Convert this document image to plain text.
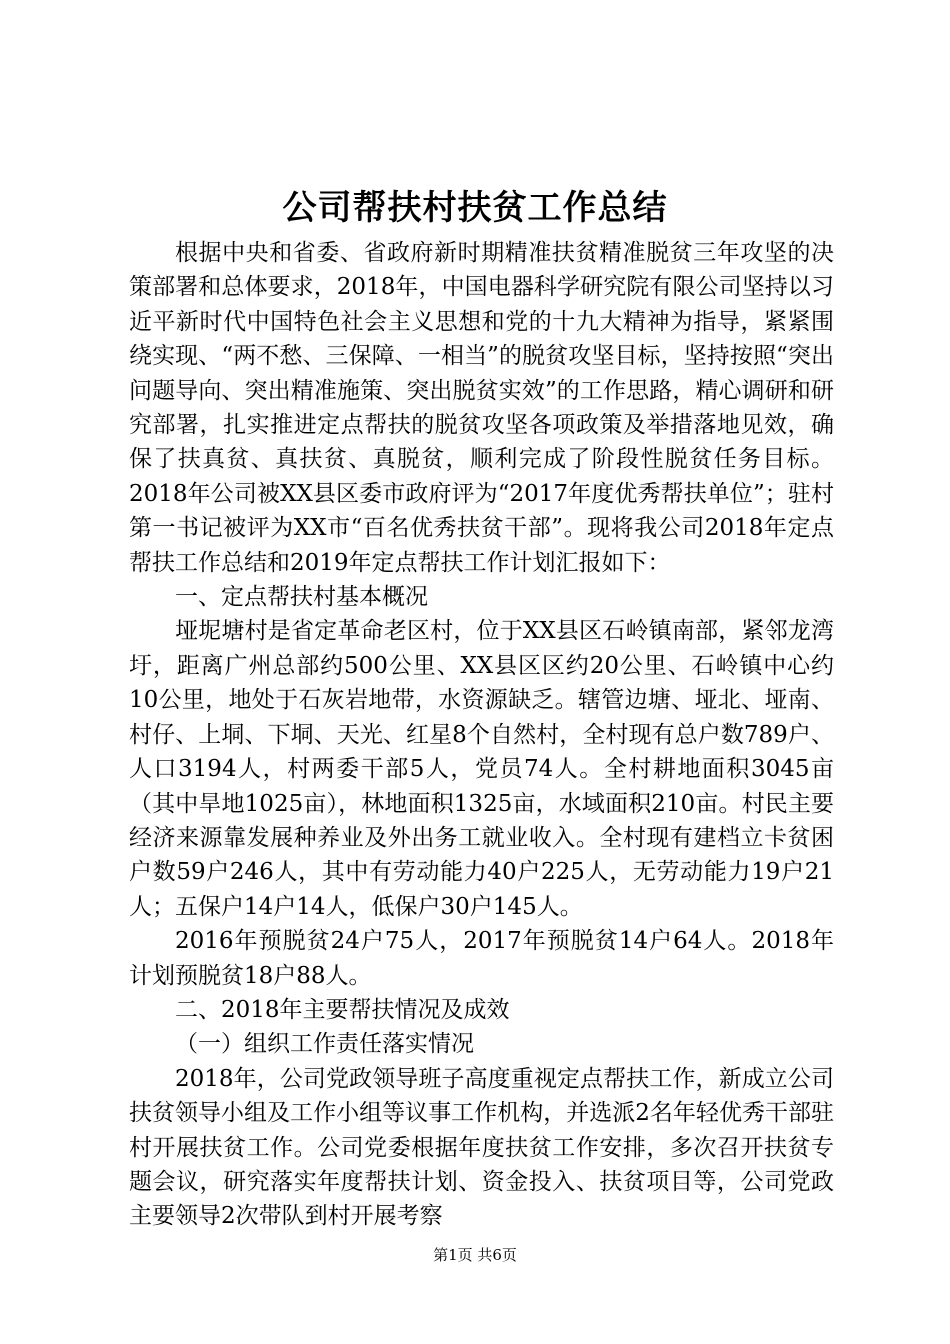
公司帮扶村扶贫工作总结

根据中央和省委、省政府新时期精准扶贫精准脱贫三年攻坚的决策部署和总体要求，2018年，中国电器科学研究院有限公司坚持以习近平新时代中国特色社会主义思想和党的十九大精神为指导，紧紧围绕实现、“两不愁、三保障、一相当”的脱贫攻坚目标，坚持按照“突出问题导向、突出精准施策、突出脱贫实效”的工作思路，精心调研和研究部署，扎实推进定点帮扶的脱贫攻坚各项政策及举措落地见效，确保了扶真贫、真扶贫、真脱贫，顺利完成了阶段性脱贫任务目标。2018年公司被XX县区委市政府评为“2017年度优秀帮扶单位”；驻村第一书记被评为XX市“百名优秀扶贫干部”。现将我公司2018年定点帮扶工作总结和2019年定点帮扶工作计划汇报如下：

一、定点帮扶村基本概况

垭坭塘村是省定革命老区村，位于XX县区石岭镇南部，紧邻龙湾圩，距离广州总部约500公里、XX县区区约20公里、石岭镇中心约10公里，地处于石灰岩地带，水资源缺乏。辖管边塘、垭北、垭南、村仔、上垌、下垌、天光、红星8个自然村，全村现有总户数789户、人口3194人，村两委干部5人，党员74人。全村耕地面积3045亩（其中旱地1025亩），林地面积1325亩，水域面积210亩。村民主要经济来源靠发展种养业及外出务工就业收入。全村现有建档立卡贫困户数59户246人，其中有劳动能力40户225人，无劳动能力19户21人；五保户14户14人，低保户30户145人。

2016年预脱贫24户75人，2017年预脱贫14户64人。2018年计划预脱贫18户88人。

二、2018年主要帮扶情况及成效

（一）组织工作责任落实情况

2018年，公司党政领导班子高度重视定点帮扶工作，新成立公司扶贫领导小组及工作小组等议事工作机构，并选派2名年轻优秀干部驻村开展扶贫工作。公司党委根据年度扶贫工作安排，多次召开扶贫专题会议，研究落实年度帮扶计划、资金投入、扶贫项目等，公司党政主要领导2次带队到村开展考察

第1页 共6页
